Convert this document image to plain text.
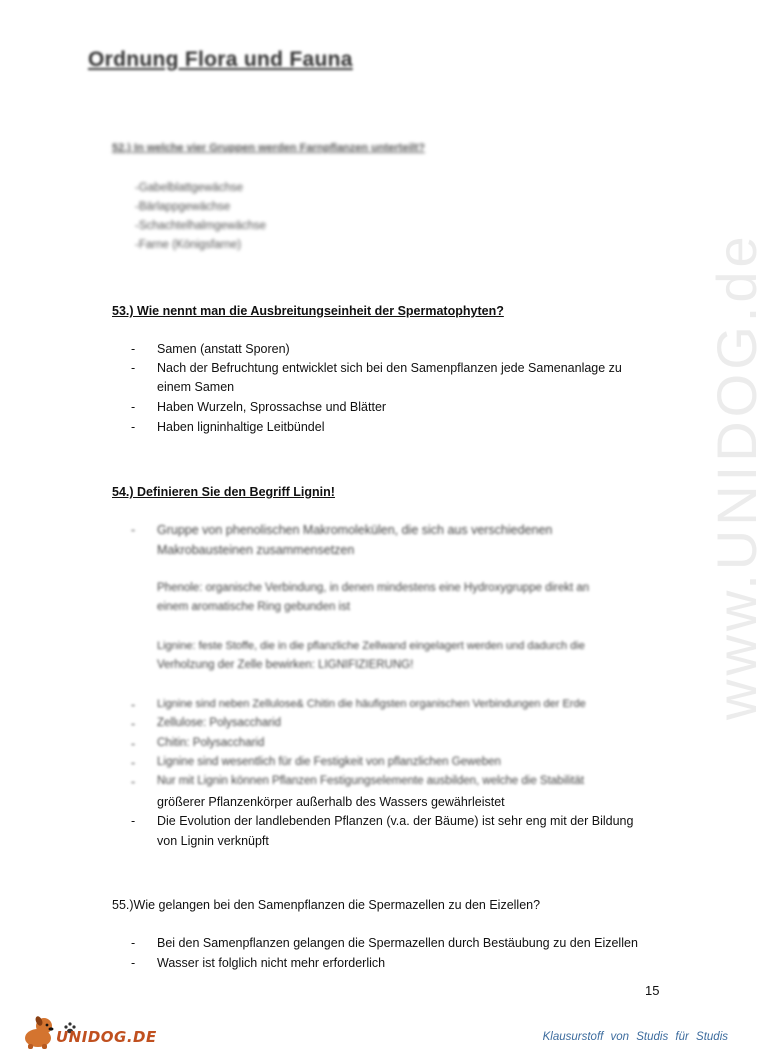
www.UNIDOG.de
Ordnung Flora und Fauna
52.) In welche vier Gruppen werden Farnpflanzen unterteilt?
-Gabelblattgewächse
-Bärlappgewächse
-Schachtelhalmgewächse
-Farne (Königsfarne)
53.) Wie nennt man die Ausbreitungseinheit der Spermatophyten?
- Samen (anstatt Sporen)
- Nach der Befruchtung entwicklet sich bei den Samenpflanzen jede Samenanlage zu
einem Samen
- Haben Wurzeln, Sprossachse und Blätter
- Haben ligninhaltige Leitbündel
54.) Definieren Sie den Begriff Lignin!
- Gruppe von phenolischen Makromolekülen, die sich aus verschiedenen
Makrobausteinen zusammensetzen
Phenole: organische Verbindung, in denen mindestens eine Hydroxygruppe direkt an
einem aromatische Ring gebunden ist
Lignine: feste Stoffe, die in die pflanzliche Zellwand eingelagert werden und dadurch die
Verholzung der Zelle bewirken: LIGNIFIZIERUNG!
- Lignine sind neben Zellulose& Chitin die häufigsten organischen Verbindungen der Erde
- Zellulose: Polysaccharid
- Chitin: Polysaccharid
- Lignine sind wesentlich für die Festigkeit von pflanzlichen Geweben
- Nur mit Lignin können Pflanzen Festigungselemente ausbilden, welche die Stabilität
größerer Pflanzenkörper außerhalb des Wassers gewährleistet
- Die Evolution der landlebenden Pflanzen (v.a. der Bäume) ist sehr eng mit der Bildung
von Lignin verknüpft
55.)Wie gelangen bei den Samenpflanzen die Spermazellen zu den Eizellen?
- Bei den Samenpflanzen gelangen die Spermazellen durch Bestäubung zu den Eizellen
- Wasser ist folglich nicht mehr erforderlich
15
UNIDOG.DE	Klausurstoff von Studis für Studis
